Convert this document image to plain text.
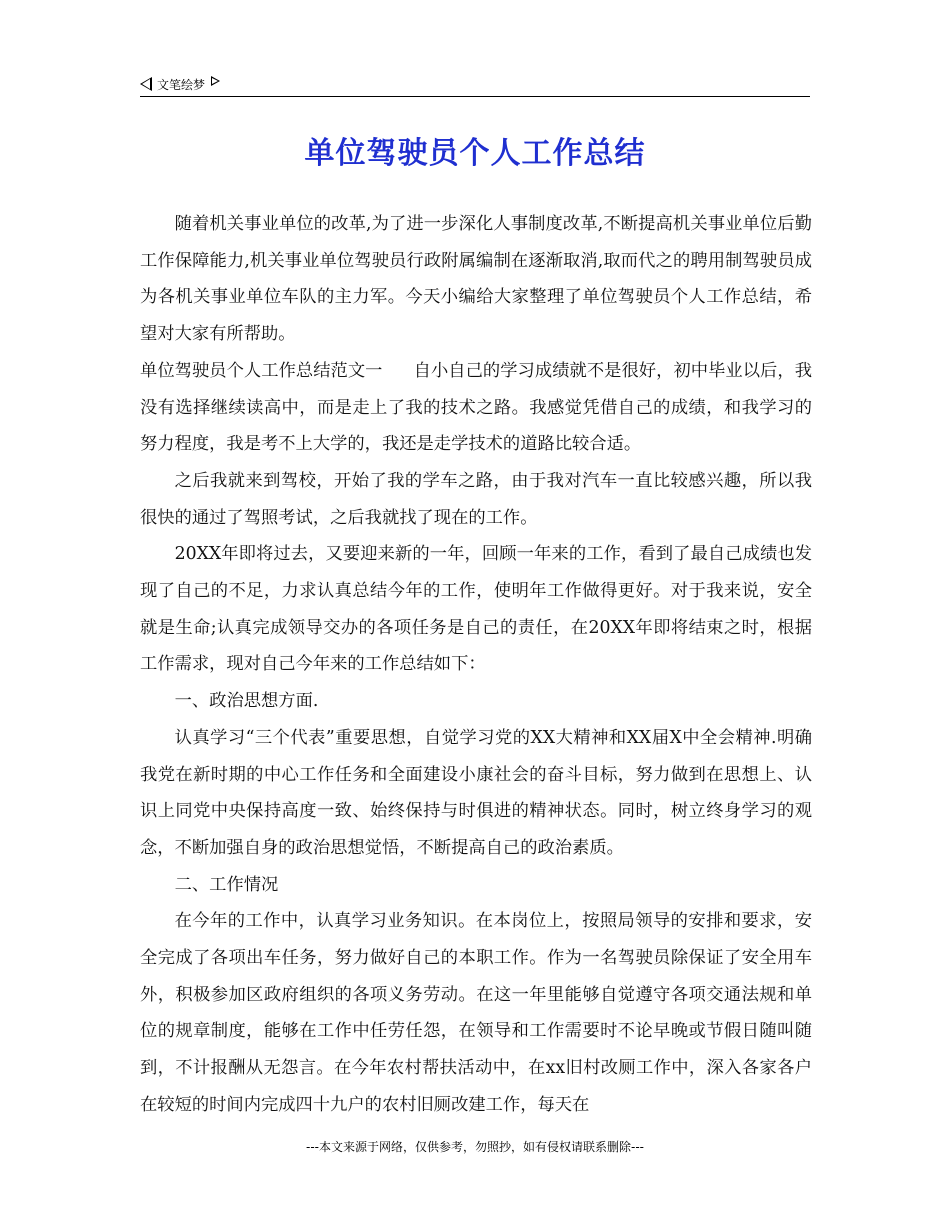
文笔绘梦
单位驾驶员个人工作总结

随着机关事业单位的改革,为了进一步深化人事制度改革,不断提高机关事业单位后勤工作保障能力,机关事业单位驾驶员行政附属编制在逐渐取消,取而代之的聘用制驾驶员成为各机关事业单位车队的主力军。今天小编给大家整理了单位驾驶员个人工作总结，希望对大家有所帮助。

单位驾驶员个人工作总结范文一 自小自己的学习成绩就不是很好，初中毕业以后，我没有选择继续读高中，而是走上了我的技术之路。我感觉凭借自己的成绩，和我学习的努力程度，我是考不上大学的，我还是走学技术的道路比较合适。

之后我就来到驾校，开始了我的学车之路，由于我对汽车一直比较感兴趣，所以我很快的通过了驾照考试，之后我就找了现在的工作。

20XX年即将过去，又要迎来新的一年，回顾一年来的工作，看到了最自己成绩也发现了自己的不足，力求认真总结今年的工作，使明年工作做得更好。对于我来说，安全就是生命;认真完成领导交办的各项任务是自己的责任，在20XX年即将结束之时，根据工作需求，现对自己今年来的工作总结如下：

一、政治思想方面.

认真学习“三个代表”重要思想，自觉学习党的XX大精神和XX届X中全会精神.明确我党在新时期的中心工作任务和全面建设小康社会的奋斗目标，努力做到在思想上、认识上同党中央保持高度一致、始终保持与时俱进的精神状态。同时，树立终身学习的观念，不断加强自身的政治思想觉悟，不断提高自己的政治素质。

二、工作情况

在今年的工作中，认真学习业务知识。在本岗位上，按照局领导的安排和要求，安全完成了各项出车任务，努力做好自己的本职工作。作为一名驾驶员除保证了安全用车外，积极参加区政府组织的各项义务劳动。在这一年里能够自觉遵守各项交通法规和单位的规章制度，能够在工作中任劳任怨，在领导和工作需要时不论早晚或节假日随叫随到，不计报酬从无怨言。在今年农村帮扶活动中，在xx旧村改厕工作中，深入各家各户在较短的时间内完成四十九户的农村旧厕改建工作，每天在

---本文来源于网络，仅供参考，勿照抄，如有侵权请联系删除---
